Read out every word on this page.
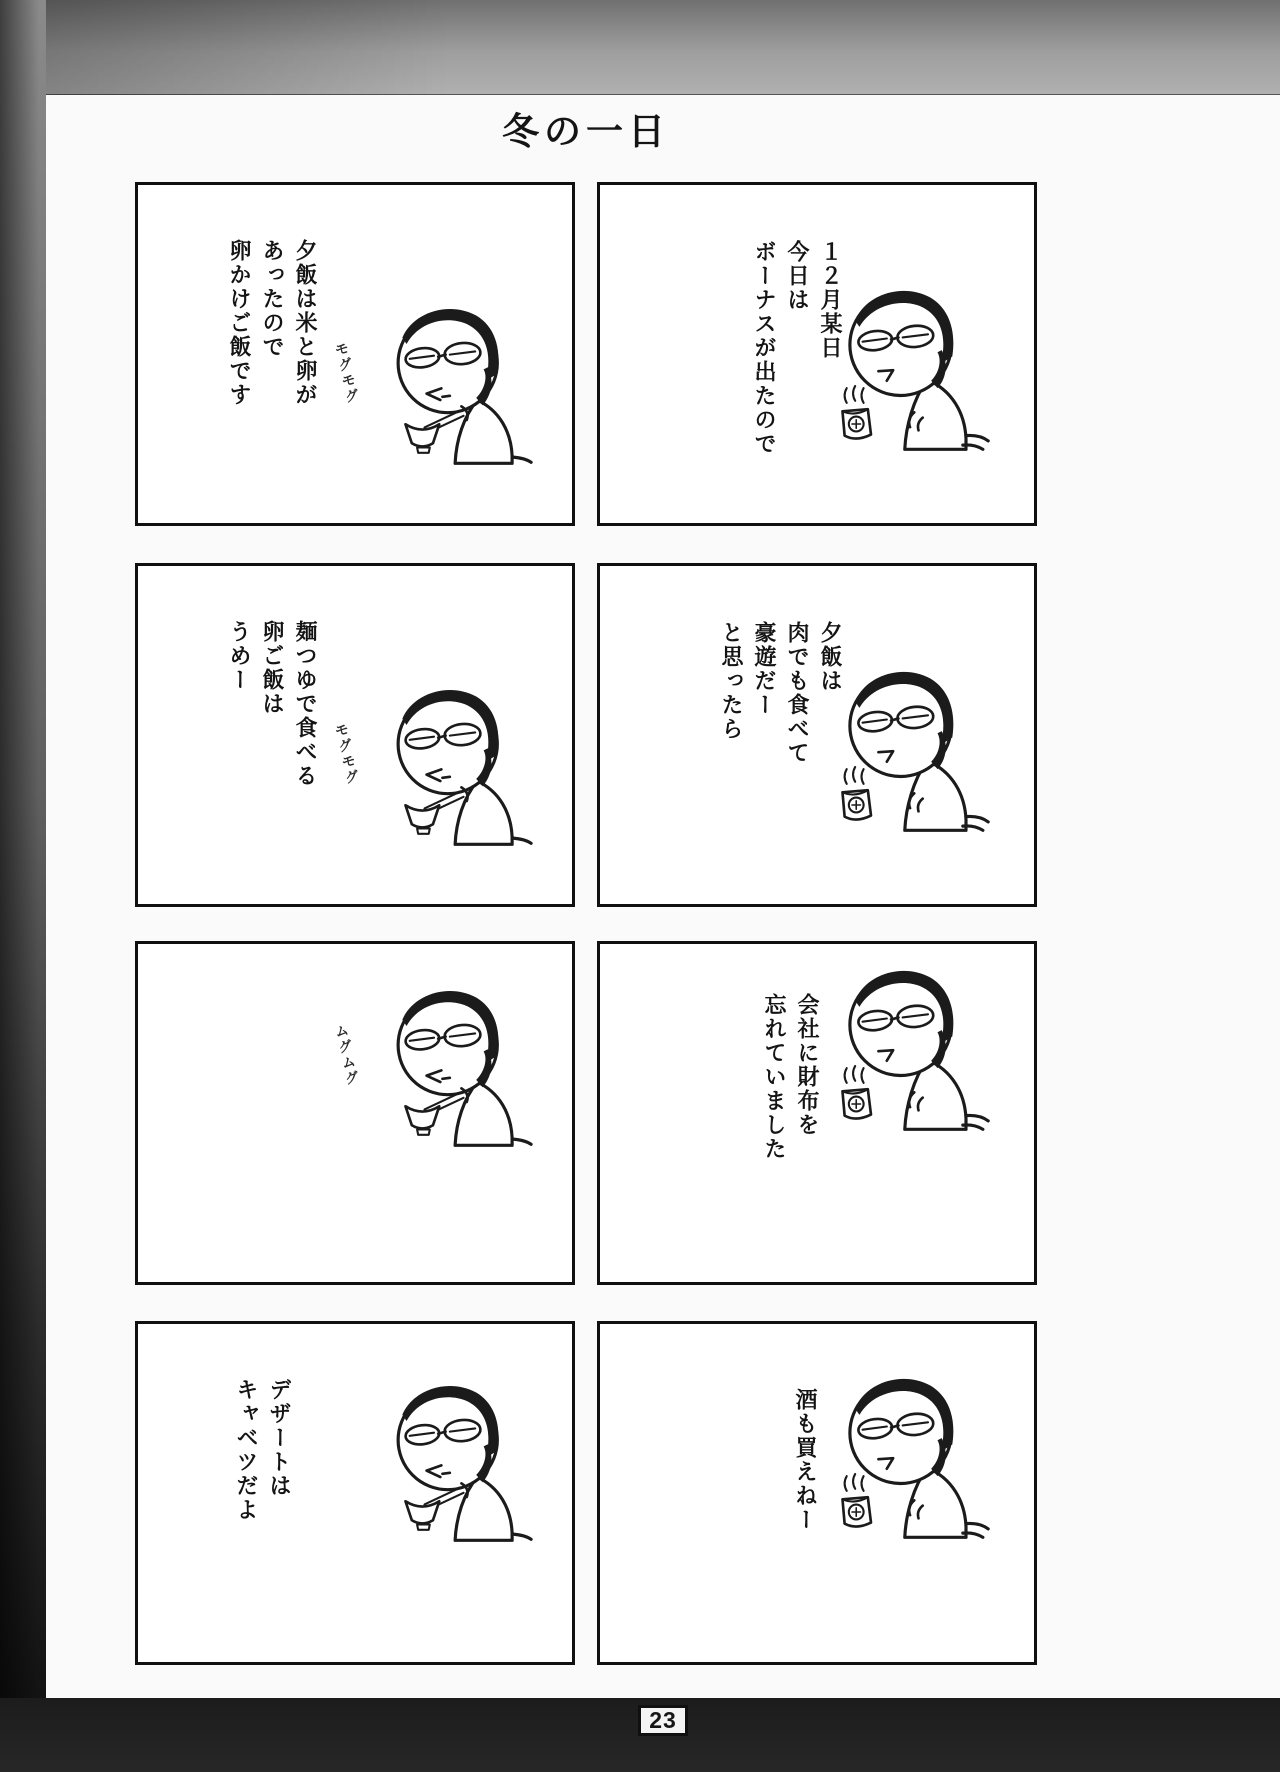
冬の一日
夕飯は米と卵が
あったので
卵かけご飯です	モグモグ
１２月某日
今日は
ボーナスが出たので
麺つゆで食べる
卵ご飯は
うめー
モグモグ
夕飯は
肉でも食べて
豪遊だー
と思ったら
ムグムグ	会社に財布を
忘れていました
デザートは
キャベツだよ	酒も買えねー
23
